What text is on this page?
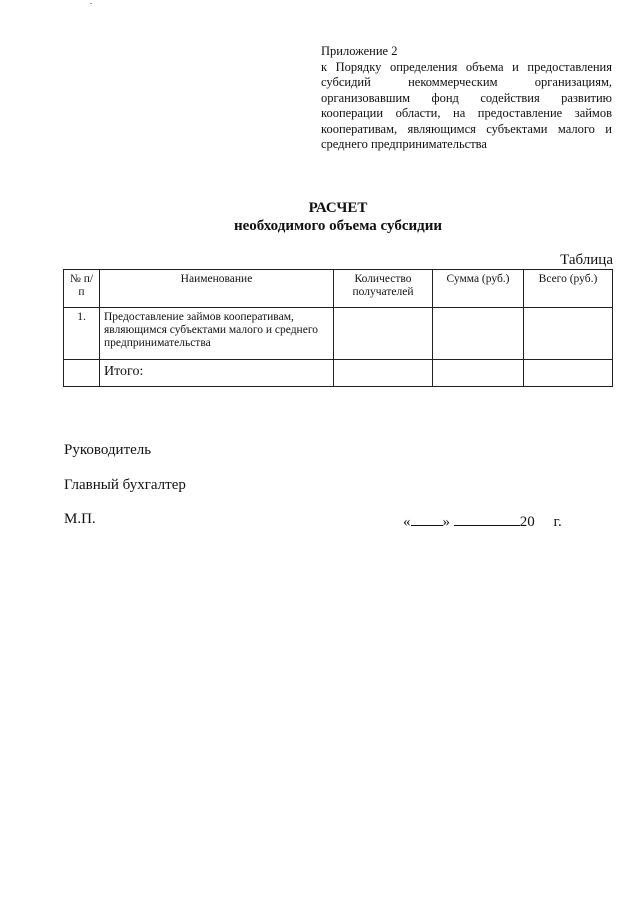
Приложение 2
к Порядку определения объема и предоставления субсидий некоммерческим организациям, организовавшим фонд содействия развитию кооперации области, на предоставление займов кооперативам, являющимся субъектами малого и среднего предпринимательства
РАСЧЕТ
необходимого объема субсидии
Таблица
№ п/п	Наименование	Количество получателей	Сумма (руб.)	Всего (руб.)
1.	Предоставление займов кооперативам, являющимся субъектами малого и среднего предпринимательства			
	Итого:			
Руководитель
Главный бухгалтер
М.П.	« »	20 г.
